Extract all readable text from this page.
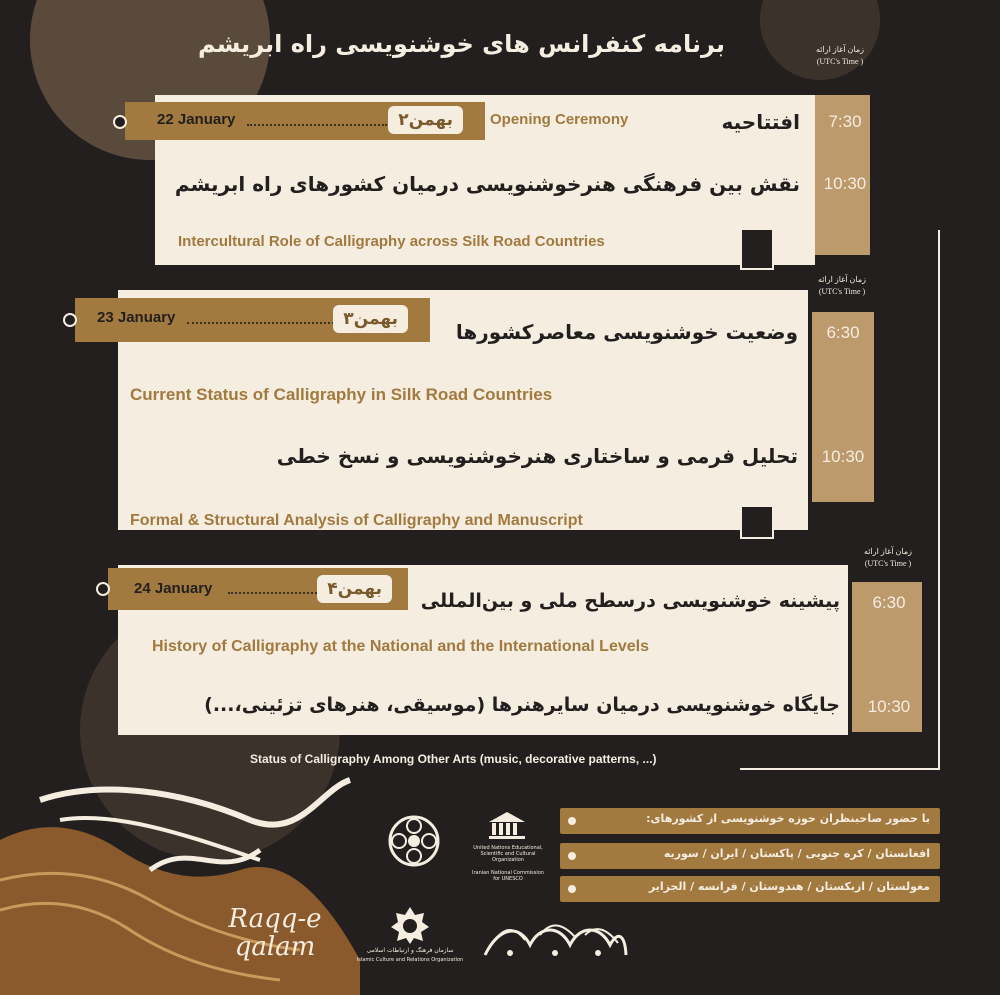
برنامه کنفرانس‌ های خوشنویسی راه ابریشم	زمان آغاز ارائه
(UTC's Time )
22 January	بهمن۲	7:30
افتتاحیه
Opening Ceremony
10:30
نقش بین فرهنگی هنرخوشنویسی درمیان کشورهای راه ابریشم
Intercultural Role of Calligraphy across Silk Road Countries
زمان آغاز ارائه
(UTC's Time )
23 January	بهمن۳
6:30
وضعیت خوشنویسی معاصرکشورها
Current Status of Calligraphy in Silk Road Countries
10:30
تحلیل فرمی و ساختاری هنرخوشنویسی و نسخ خطی
Formal & Structural Analysis of Calligraphy and Manuscript
زمان آغاز ارائه
(UTC's Time )
24 January	بهمن۴
6:30
پیشینه خوشنویسی درسطح ملی و بین‌المللی
History of Calligraphy at the National and the International Levels
10:30
جایگاه خوشنویسی درمیان سایرهنرها (موسیقی، هنرهای تزئینی،...)
Status of Calligraphy Among Other Arts (music, decorative patterns, ...)
با حضور صاحبنظران حوزه خوشنویسی از کشورهای:
افغانستان / کره جنوبی / پاکستان / ایران / سوریه
مغولستان / ازبکستان / هندوستان / فرانسه / الجزایر
Raqq-e qalam
United Nations Educational, Scientific and Cultural Organization
Iranian National Commission for UNESCO
سازمان فرهنگ و ارتباطات اسلامی
Islamic Culture and Relations Organization
